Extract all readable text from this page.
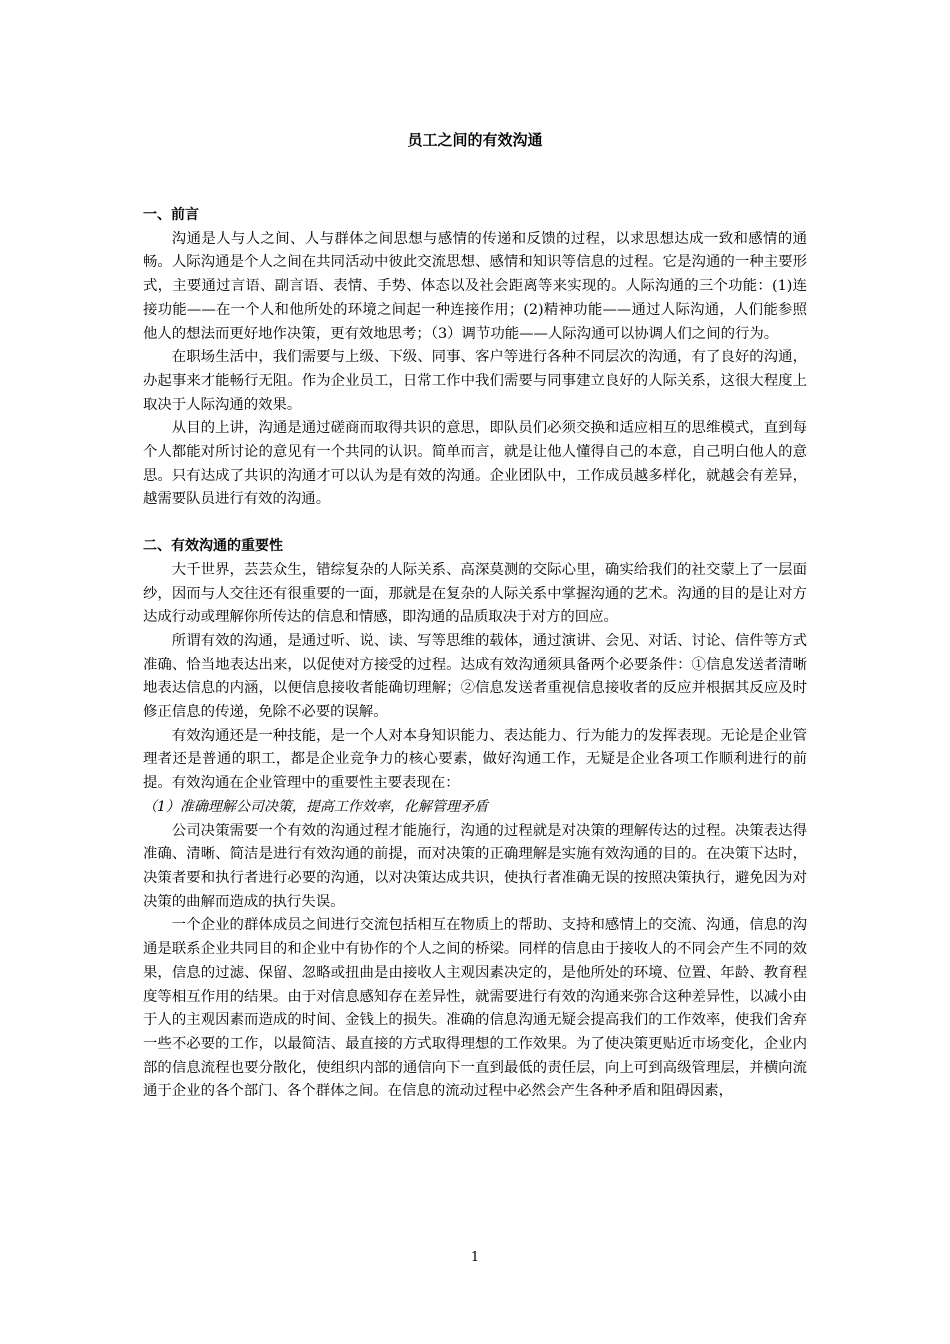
员工之间的有效沟通
一、前言

沟通是人与人之间、人与群体之间思想与感情的传递和反馈的过程，以求思想达成一致和感情的通畅。人际沟通是个人之间在共同活动中彼此交流思想、感情和知识等信息的过程。它是沟通的一种主要形式，主要通过言语、副言语、表情、手势、体态以及社会距离等来实现的。人际沟通的三个功能：(1)连接功能——在一个人和他所处的环境之间起一种连接作用；(2)精神功能——通过人际沟通，人们能参照他人的想法而更好地作决策，更有效地思考；（3）调节功能——人际沟通可以协调人们之间的行为。

在职场生活中，我们需要与上级、下级、同事、客户等进行各种不同层次的沟通，有了良好的沟通，办起事来才能畅行无阻。作为企业员工，日常工作中我们需要与同事建立良好的人际关系，这很大程度上取决于人际沟通的效果。

从目的上讲，沟通是通过磋商而取得共识的意思，即队员们必须交换和适应相互的思维模式，直到每个人都能对所讨论的意见有一个共同的认识。简单而言，就是让他人懂得自己的本意，自己明白他人的意思。只有达成了共识的沟通才可以认为是有效的沟通。企业团队中，工作成员越多样化，就越会有差异，越需要队员进行有效的沟通。

二、有效沟通的重要性

大千世界，芸芸众生，错综复杂的人际关系、高深莫测的交际心里，确实给我们的社交蒙上了一层面纱，因而与人交往还有很重要的一面，那就是在复杂的人际关系中掌握沟通的艺术。沟通的目的是让对方达成行动或理解你所传达的信息和情感，即沟通的品质取决于对方的回应。

所谓有效的沟通，是通过听、说、读、写等思维的载体，通过演讲、会见、对话、讨论、信件等方式准确、恰当地表达出来，以促使对方接受的过程。达成有效沟通须具备两个必要条件：①信息发送者清晰地表达信息的内涵，以便信息接收者能确切理解；②信息发送者重视信息接收者的反应并根据其反应及时修正信息的传递，免除不必要的误解。

有效沟通还是一种技能，是一个人对本身知识能力、表达能力、行为能力的发挥表现。无论是企业管理者还是普通的职工，都是企业竞争力的核心要素，做好沟通工作，无疑是企业各项工作顺利进行的前提。有效沟通在企业管理中的重要性主要表现在：

（1）准确理解公司决策，提高工作效率，化解管理矛盾

公司决策需要一个有效的沟通过程才能施行，沟通的过程就是对决策的理解传达的过程。决策表达得准确、清晰、简洁是进行有效沟通的前提，而对决策的正确理解是实施有效沟通的目的。在决策下达时，决策者要和执行者进行必要的沟通，以对决策达成共识，使执行者准确无误的按照决策执行，避免因为对决策的曲解而造成的执行失误。

一个企业的群体成员之间进行交流包括相互在物质上的帮助、支持和感情上的交流、沟通，信息的沟通是联系企业共同目的和企业中有协作的个人之间的桥梁。同样的信息由于接收人的不同会产生不同的效果，信息的过滤、保留、忽略或扭曲是由接收人主观因素决定的，是他所处的环境、位置、年龄、教育程度等相互作用的结果。由于对信息感知存在差异性，就需要进行有效的沟通来弥合这种差异性，以减小由于人的主观因素而造成的时间、金钱上的损失。准确的信息沟通无疑会提高我们的工作效率，使我们舍弃一些不必要的工作，以最简洁、最直接的方式取得理想的工作效果。为了使决策更贴近市场变化，企业内部的信息流程也要分散化，使组织内部的通信向下一直到最低的责任层，向上可到高级管理层，并横向流通于企业的各个部门、各个群体之间。在信息的流动过程中必然会产生各种矛盾和阻碍因素，

1
